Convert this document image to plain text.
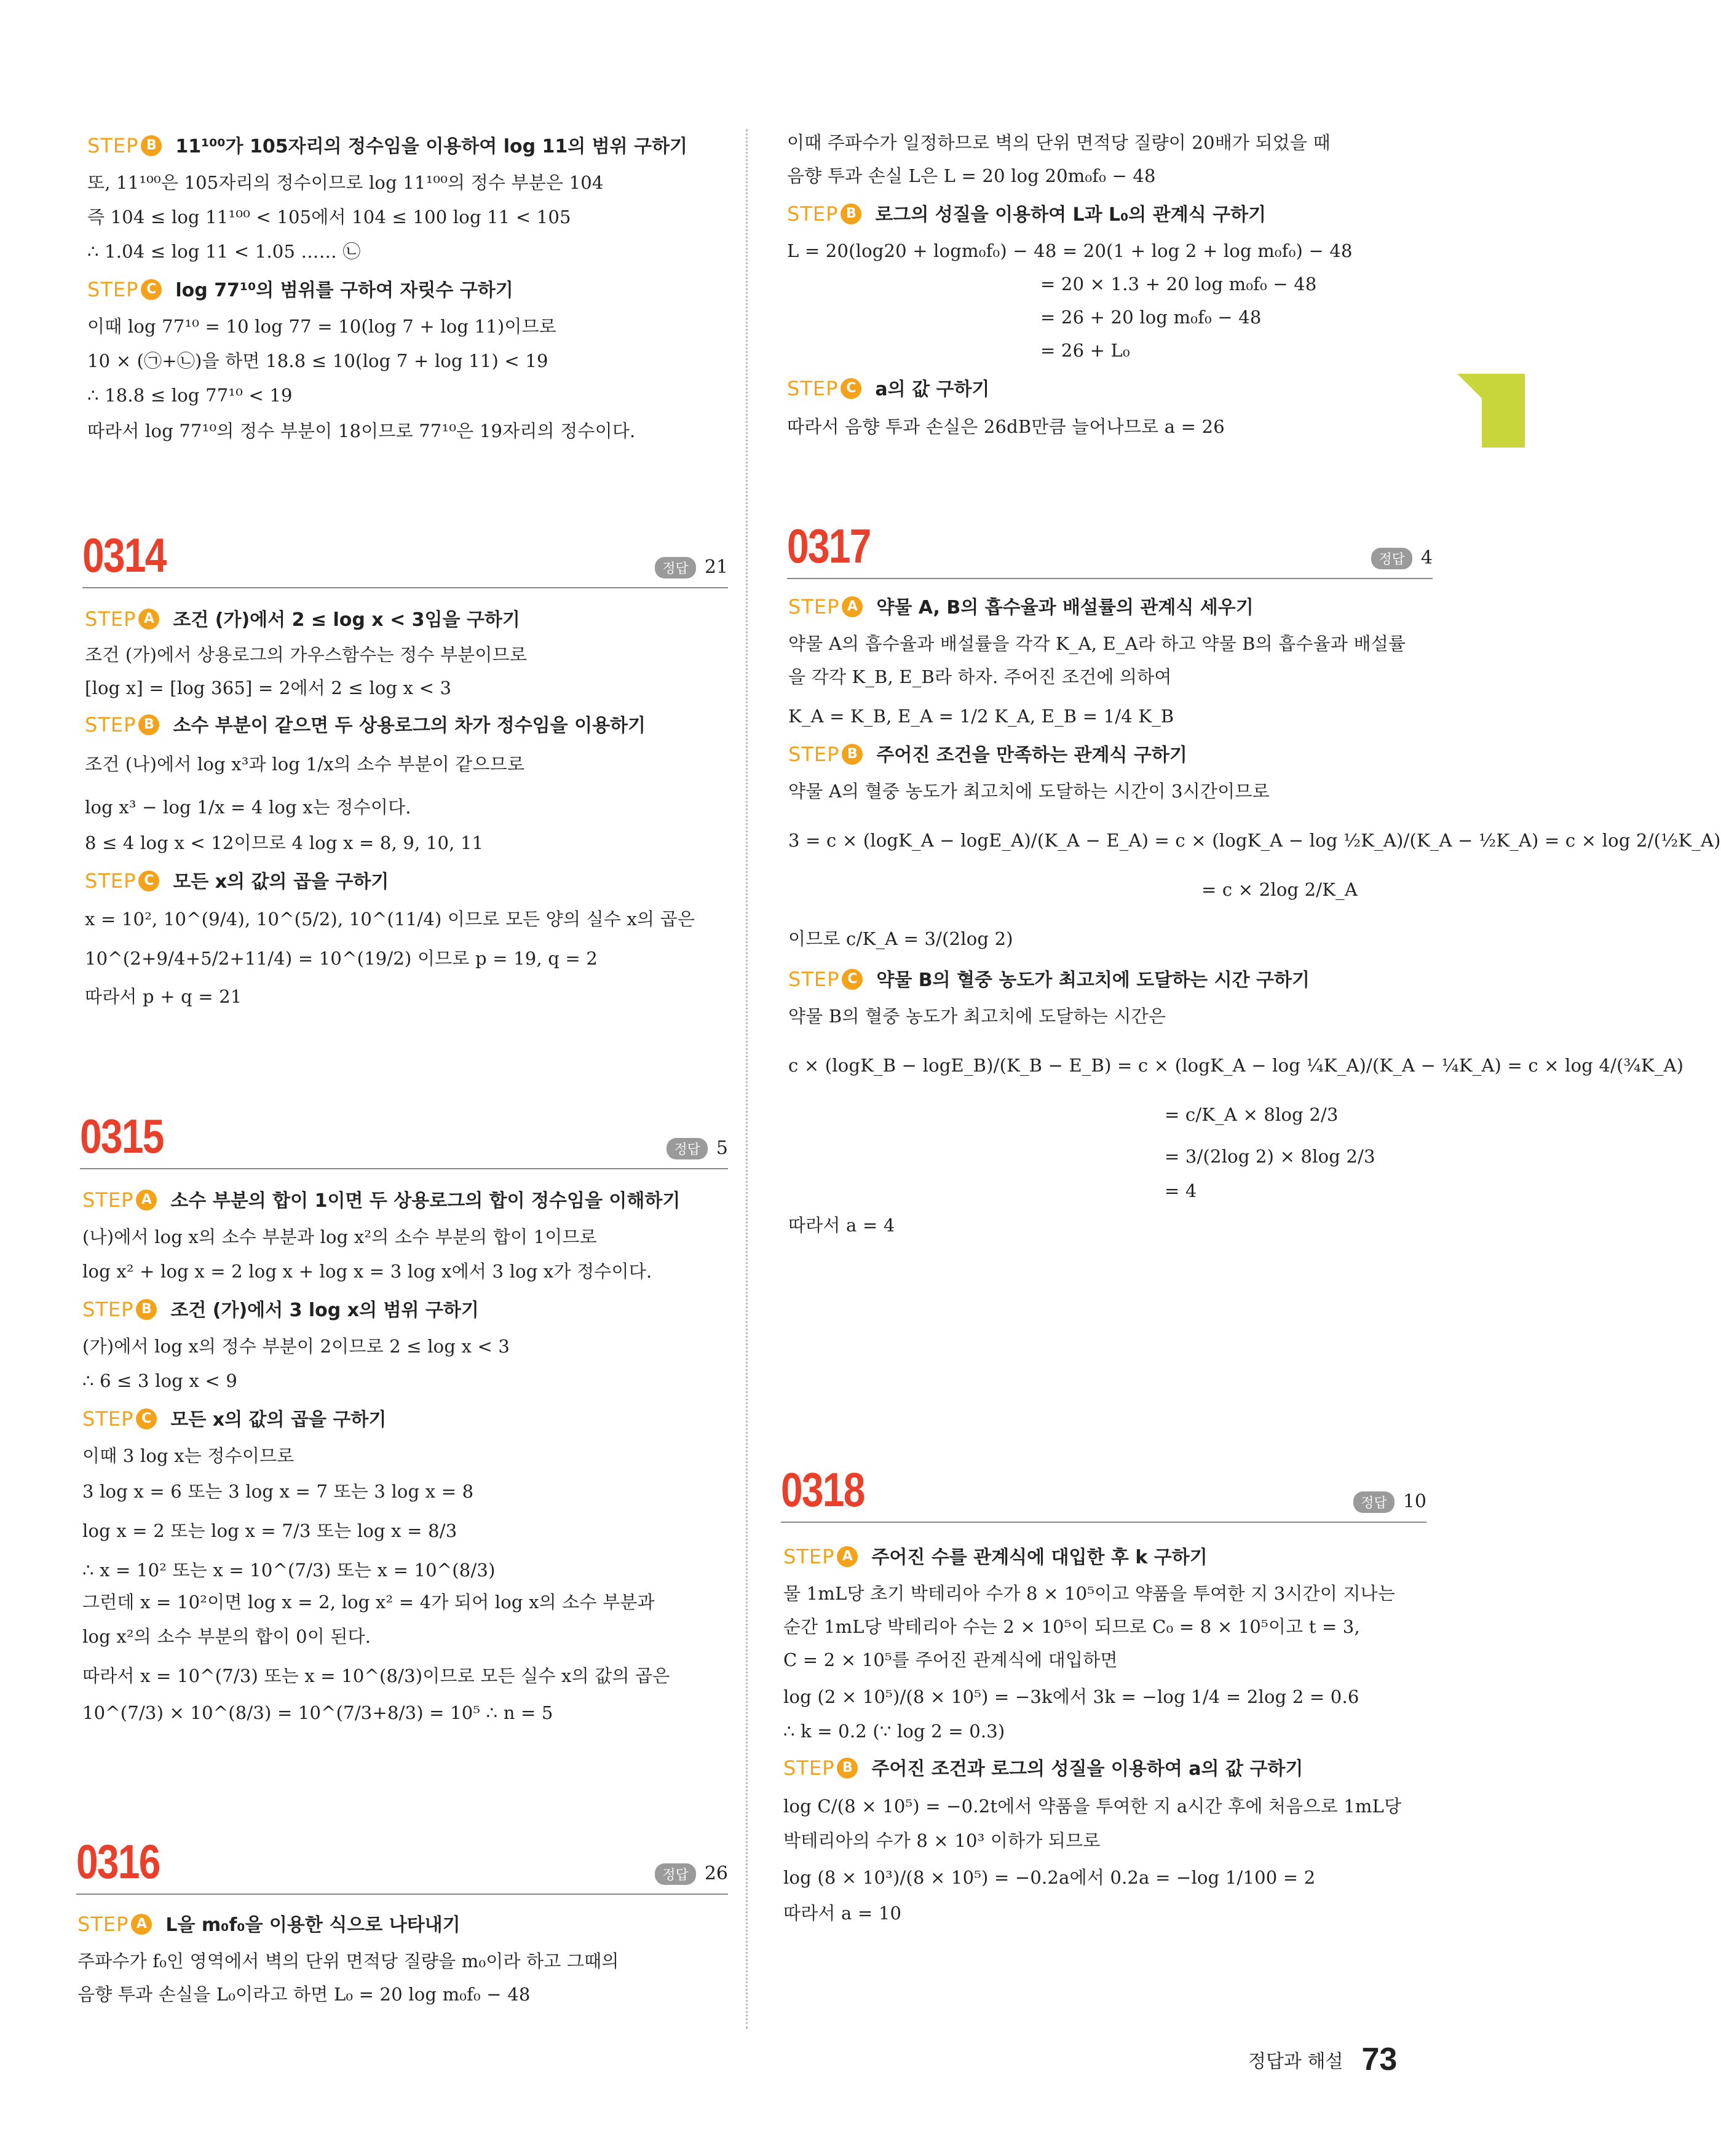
STEP B 11¹⁰⁰가 105자리의 정수임을 이용하여 log 11의 범위 구하기
또, 11¹⁰⁰은 105자리의 정수이므로 log 11¹⁰⁰의 정수 부분은 104
즉 104 ≤ log 11¹⁰⁰ < 105에서 104 ≤ 100 log 11 < 105
∴ 1.04 ≤ log 11 < 1.05 …… ㉡
STEP C log 77¹⁰의 범위를 구하여 자릿수 구하기
이때 log 77¹⁰ = 10 log 77 = 10(log 7 + log 11)이므로
10 × (㉠+㉡)을 하면 18.8 ≤ 10(log 7 + log 11) < 19
∴ 18.8 ≤ log 77¹⁰ < 19
따라서 log 77¹⁰의 정수 부분이 18이므로 77¹⁰은 19자리의 정수이다.
0314	정답 21
STEP A 조건 (가)에서 2 ≤ log x < 3임을 구하기
조건 (가)에서 상용로그의 가우스함수는 정수 부분이므로
[log x] = [log 365] = 2에서 2 ≤ log x < 3
STEP B 소수 부분이 같으면 두 상용로그의 차가 정수임을 이용하기
조건 (나)에서 log x³과 log 1/x의 소수 부분이 같으므로
log x³ − log 1/x = 4 log x는 정수이다.
8 ≤ 4 log x < 12이므로 4 log x = 8, 9, 10, 11
STEP C 모든 x의 값의 곱을 구하기
x = 10², 10^(9/4), 10^(5/2), 10^(11/4) 이므로 모든 양의 실수 x의 곱은
10^(2+9/4+5/2+11/4) = 10^(19/2) 이므로 p = 19, q = 2
따라서 p + q = 21
0315	정답 5
STEP A 소수 부분의 합이 1이면 두 상용로그의 합이 정수임을 이해하기
(나)에서 log x의 소수 부분과 log x²의 소수 부분의 합이 1이므로
log x² + log x = 2 log x + log x = 3 log x에서 3 log x가 정수이다.
STEP B 조건 (가)에서 3 log x의 범위 구하기
(가)에서 log x의 정수 부분이 2이므로 2 ≤ log x < 3
∴ 6 ≤ 3 log x < 9
STEP C 모든 x의 값의 곱을 구하기
이때 3 log x는 정수이므로
3 log x = 6 또는 3 log x = 7 또는 3 log x = 8
log x = 2 또는 log x = 7/3 또는 log x = 8/3
∴ x = 10² 또는 x = 10^(7/3) 또는 x = 10^(8/3)
그런데 x = 10²이면 log x = 2, log x² = 4가 되어 log x의 소수 부분과
log x²의 소수 부분의 합이 0이 된다.
따라서 x = 10^(7/3) 또는 x = 10^(8/3)이므로 모든 실수 x의 값의 곱은
10^(7/3) × 10^(8/3) = 10^(7/3+8/3) = 10⁵ ∴ n = 5
0316	정답 26
STEP A L을 m₀f₀을 이용한 식으로 나타내기
주파수가 f₀인 영역에서 벽의 단위 면적당 질량을 m₀이라 하고 그때의
음향 투과 손실을 L₀이라고 하면 L₀ = 20 log m₀f₀ − 48
이때 주파수가 일정하므로 벽의 단위 면적당 질량이 20배가 되었을 때
음향 투과 손실 L은 L = 20 log 20m₀f₀ − 48
STEP B 로그의 성질을 이용하여 L과 L₀의 관계식 구하기
L = 20(log20 + logm₀f₀) − 48 = 20(1 + log 2 + log m₀f₀) − 48
= 20 × 1.3 + 20 log m₀f₀ − 48
= 26 + 20 log m₀f₀ − 48
= 26 + L₀
STEP C a의 값 구하기
따라서 음향 투과 손실은 26dB만큼 늘어나므로 a = 26
0317	정답 4
STEP A 약물 A, B의 흡수율과 배설률의 관계식 세우기
약물 A의 흡수율과 배설률을 각각 K_A, E_A라 하고 약물 B의 흡수율과 배설률
을 각각 K_B, E_B라 하자. 주어진 조건에 의하여
K_A = K_B, E_A = 1/2 K_A, E_B = 1/4 K_B
STEP B 주어진 조건을 만족하는 관계식 구하기
약물 A의 혈중 농도가 최고치에 도달하는 시간이 3시간이므로
3 = c × (logK_A − logE_A)/(K_A − E_A) = c × (logK_A − log ½K_A)/(K_A − ½K_A) = c × log 2/(½K_A)
= c × 2log 2/K_A
이므로 c/K_A = 3/(2log 2)
STEP C 약물 B의 혈중 농도가 최고치에 도달하는 시간 구하기
약물 B의 혈중 농도가 최고치에 도달하는 시간은
c × (logK_B − logE_B)/(K_B − E_B) = c × (logK_A − log ¼K_A)/(K_A − ¼K_A) = c × log 4/(¾K_A)
= c/K_A × 8log 2/3
= 3/(2log 2) × 8log 2/3
= 4
따라서 a = 4
0318	정답 10
STEP A 주어진 수를 관계식에 대입한 후 k 구하기
물 1mL당 초기 박테리아 수가 8 × 10⁵이고 약품을 투여한 지 3시간이 지나는
순간 1mL당 박테리아 수는 2 × 10⁵이 되므로 C₀ = 8 × 10⁵이고 t = 3,
C = 2 × 10⁵를 주어진 관계식에 대입하면
log (2 × 10⁵)/(8 × 10⁵) = −3k에서 3k = −log 1/4 = 2log 2 = 0.6
∴ k = 0.2 (∵ log 2 = 0.3)
STEP B 주어진 조건과 로그의 성질을 이용하여 a의 값 구하기
log C/(8 × 10⁵) = −0.2t에서 약품을 투여한 지 a시간 후에 처음으로 1mL당
박테리아의 수가 8 × 10³ 이하가 되므로
log (8 × 10³)/(8 × 10⁵) = −0.2a에서 0.2a = −log 1/100 = 2
따라서 a = 10
정답과 해설 73
